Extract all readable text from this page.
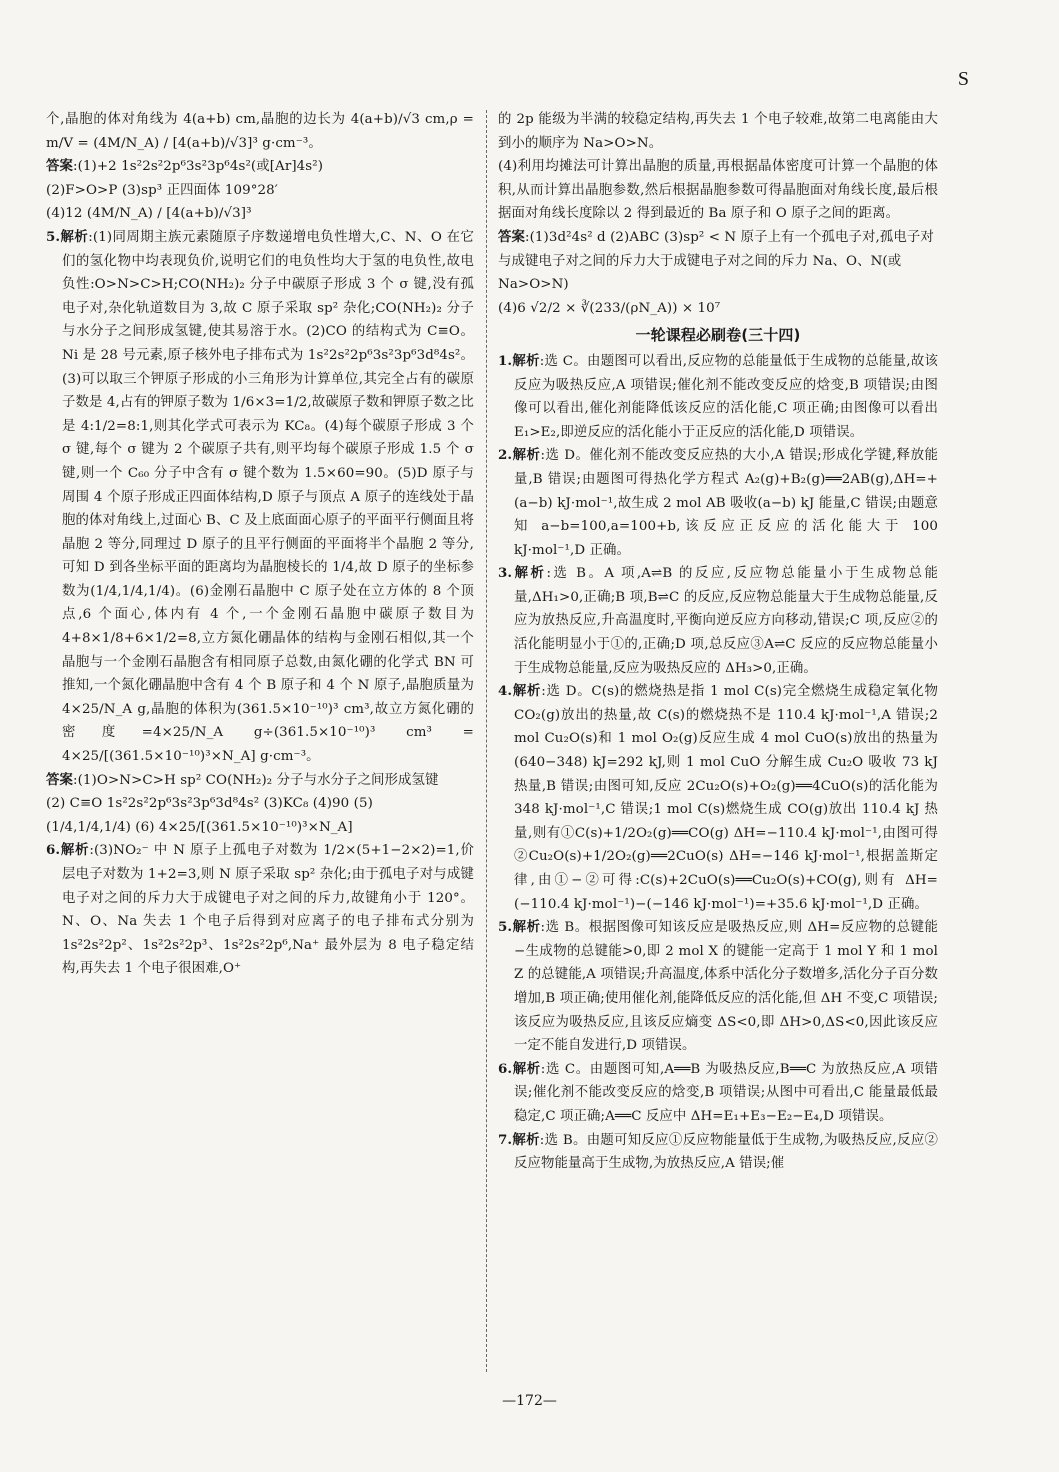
S

个,晶胞的体对角线为 4(a+b) cm,晶胞的边长为 4(a+b)/√3 cm,ρ = m/V = (4M/N_A) / [4(a+b)/√3]³ g·cm⁻³。

答案:(1)+2 1s²2s²2p⁶3s²3p⁶4s²(或[Ar]4s²)

(2)F>O>P (3)sp³ 正四面体 109°28′

(4)12 (4M/N_A) / [4(a+b)/√3]³

5.解析:(1)同周期主族元素随原子序数递增电负性增大,C、N、O 在它们的氢化物中均表现负价,说明它们的电负性均大于氢的电负性,故电负性:O>N>C>H;CO(NH₂)₂ 分子中碳原子形成 3 个 σ 键,没有孤电子对,杂化轨道数目为 3,故 C 原子采取 sp² 杂化;CO(NH₂)₂ 分子与水分子之间形成氢键,使其易溶于水。(2)CO 的结构式为 C≡O。Ni 是 28 号元素,原子核外电子排布式为 1s²2s²2p⁶3s²3p⁶3d⁸4s²。(3)可以取三个钾原子形成的小三角形为计算单位,其完全占有的碳原子数是 4,占有的钾原子数为 1/6×3=1/2,故碳原子数和钾原子数之比是 4:1/2=8:1,则其化学式可表示为 KC₈。(4)每个碳原子形成 3 个 σ 键,每个 σ 键为 2 个碳原子共有,则平均每个碳原子形成 1.5 个 σ 键,则一个 C₆₀ 分子中含有 σ 键个数为 1.5×60=90。(5)D 原子与周围 4 个原子形成正四面体结构,D 原子与顶点 A 原子的连线处于晶胞的体对角线上,过面心 B、C 及上底面面心原子的平面平行侧面且将晶胞 2 等分,同理过 D 原子的且平行侧面的平面将半个晶胞 2 等分,可知 D 到各坐标平面的距离均为晶胞棱长的 1/4,故 D 原子的坐标参数为(1/4,1/4,1/4)。(6)金刚石晶胞中 C 原子处在立方体的 8 个顶点,6 个面心,体内有 4 个,一个金刚石晶胞中碳原子数目为 4+8×1/8+6×1/2=8,立方氮化硼晶体的结构与金刚石相似,其一个晶胞与一个金刚石晶胞含有相同原子总数,由氮化硼的化学式 BN 可推知,一个氮化硼晶胞中含有 4 个 B 原子和 4 个 N 原子,晶胞质量为 4×25/N_A g,晶胞的体积为(361.5×10⁻¹⁰)³ cm³,故立方氮化硼的密度=4×25/N_A g÷(361.5×10⁻¹⁰)³ cm³ = 4×25/[(361.5×10⁻¹⁰)³×N_A] g·cm⁻³。

答案:(1)O>N>C>H sp² CO(NH₂)₂ 分子与水分子之间形成氢键

(2) C≡O 1s²2s²2p⁶3s²3p⁶3d⁸4s² (3)KC₈ (4)90 (5)

(1/4,1/4,1/4) (6) 4×25/[(361.5×10⁻¹⁰)³×N_A]

6.解析:(3)NO₂⁻ 中 N 原子上孤电子对数为 1/2×(5+1−2×2)=1,价层电子对数为 1+2=3,则 N 原子采取 sp² 杂化;由于孤电子对与成键电子对之间的斥力大于成键电子对之间的斥力,故键角小于 120°。N、O、Na 失去 1 个电子后得到对应离子的电子排布式分别为 1s²2s²2p²、1s²2s²2p³、1s²2s²2p⁶,Na⁺ 最外层为 8 电子稳定结构,再失去 1 个电子很困难,O⁺

的 2p 能级为半满的较稳定结构,再失去 1 个电子较难,故第二电离能由大到小的顺序为 Na>O>N。

(4)利用均摊法可计算出晶胞的质量,再根据晶体密度可计算一个晶胞的体积,从而计算出晶胞参数,然后根据晶胞参数可得晶胞面对角线长度,最后根据面对角线长度除以 2 得到最近的 Ba 原子和 O 原子之间的距离。

答案:(1)3d²4s² d (2)ABC (3)sp² < N 原子上有一个孤电子对,孤电子对与成键电子对之间的斥力大于成键电子对之间的斥力 Na、O、N(或 Na>O>N)

(4)6 √2/2 × ∛(233/(ρN_A)) × 10⁷

一轮课程必刷卷(三十四)

1.解析:选 C。由题图可以看出,反应物的总能量低于生成物的总能量,故该反应为吸热反应,A 项错误;催化剂不能改变反应的焓变,B 项错误;由图像可以看出,催化剂能降低该反应的活化能,C 项正确;由图像可以看出 E₁>E₂,即逆反应的活化能小于正反应的活化能,D 项错误。

2.解析:选 D。催化剂不能改变反应热的大小,A 错误;形成化学键,释放能量,B 错误;由题图可得热化学方程式 A₂(g)+B₂(g)══2AB(g),ΔH=+(a−b) kJ·mol⁻¹,故生成 2 mol AB 吸收(a−b) kJ 能量,C 错误;由题意知 a−b=100,a=100+b,该反应正反应的活化能大于 100 kJ·mol⁻¹,D 正确。

3.解析:选 B。A 项,A⇌B 的反应,反应物总能量小于生成物总能量,ΔH₁>0,正确;B 项,B⇌C 的反应,反应物总能量大于生成物总能量,反应为放热反应,升高温度时,平衡向逆反应方向移动,错误;C 项,反应②的活化能明显小于①的,正确;D 项,总反应③A⇌C 反应的反应物总能量小于生成物总能量,反应为吸热反应的 ΔH₃>0,正确。

4.解析:选 D。C(s)的燃烧热是指 1 mol C(s)完全燃烧生成稳定氧化物 CO₂(g)放出的热量,故 C(s)的燃烧热不是 110.4 kJ·mol⁻¹,A 错误;2 mol Cu₂O(s)和 1 mol O₂(g)反应生成 4 mol CuO(s)放出的热量为(640−348) kJ=292 kJ,则 1 mol CuO 分解生成 Cu₂O 吸收 73 kJ 热量,B 错误;由图可知,反应 2Cu₂O(s)+O₂(g)══4CuO(s)的活化能为 348 kJ·mol⁻¹,C 错误;1 mol C(s)燃烧生成 CO(g)放出 110.4 kJ 热量,则有①C(s)+1/2O₂(g)══CO(g) ΔH=−110.4 kJ·mol⁻¹,由图可得②Cu₂O(s)+1/2O₂(g)══2CuO(s) ΔH=−146 kJ·mol⁻¹,根据盖斯定律,由①−②可得:C(s)+2CuO(s)══Cu₂O(s)+CO(g),则有 ΔH=(−110.4 kJ·mol⁻¹)−(−146 kJ·mol⁻¹)=+35.6 kJ·mol⁻¹,D 正确。

5.解析:选 B。根据图像可知该反应是吸热反应,则 ΔH=反应物的总键能−生成物的总键能>0,即 2 mol X 的键能一定高于 1 mol Y 和 1 mol Z 的总键能,A 项错误;升高温度,体系中活化分子数增多,活化分子百分数增加,B 项正确;使用催化剂,能降低反应的活化能,但 ΔH 不变,C 项错误;该反应为吸热反应,且该反应熵变 ΔS<0,即 ΔH>0,ΔS<0,因此该反应一定不能自发进行,D 项错误。

6.解析:选 C。由题图可知,A══B 为吸热反应,B══C 为放热反应,A 项错误;催化剂不能改变反应的焓变,B 项错误;从图中可看出,C 能量最低最稳定,C 项正确;A══C 反应中 ΔH=E₁+E₃−E₂−E₄,D 项错误。

7.解析:选 B。由题可知反应①反应物能量低于生成物,为吸热反应,反应②反应物能量高于生成物,为放热反应,A 错误;催

—172—
